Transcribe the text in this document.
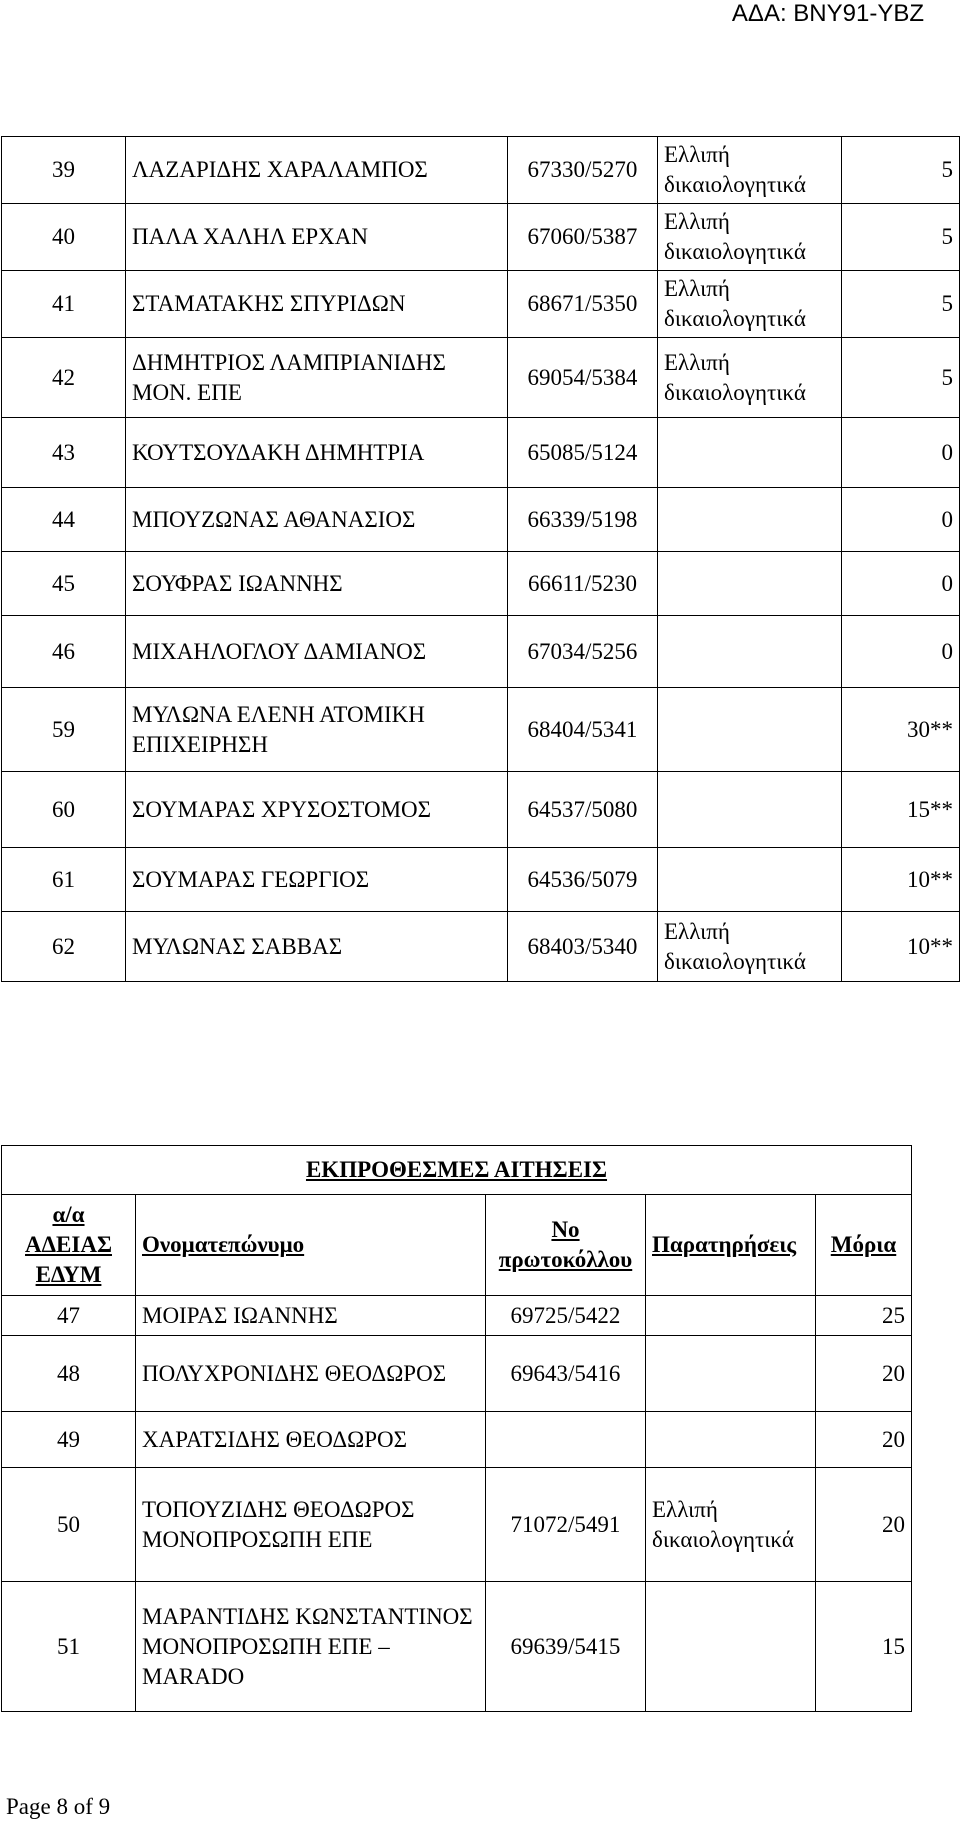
ΑΔΑ: ΒΝΥ91-ΥΒΖ
39	ΛΑΖΑΡΙΔΗΣ ΧΑΡΑΛΑΜΠΟΣ	67330/5270	Ελλιπή δικαιολογητικά	5
40	ΠΑΛΑ ΧΑΛΗΛ ΕΡΧΑΝ	67060/5387	Ελλιπή δικαιολογητικά	5
41	ΣΤΑΜΑΤΑΚΗΣ ΣΠΥΡΙΔΩΝ	68671/5350	Ελλιπή δικαιολογητικά	5
42	ΔΗΜΗΤΡΙΟΣ ΛΑΜΠΡΙΑΝΙΔΗΣ ΜΟΝ. ΕΠΕ	69054/5384	Ελλιπή δικαιολογητικά	5
43	ΚΟΥΤΣΟΥΔΑΚΗ ΔΗΜΗΤΡΙΑ	65085/5124		0
44	ΜΠΟΥΖΩΝΑΣ ΑΘΑΝΑΣΙΟΣ	66339/5198		0
45	ΣΟΥΦΡΑΣ ΙΩΑΝΝΗΣ	66611/5230		0
46	ΜΙΧΑΗΛΟΓΛΟΥ ΔΑΜΙΑΝΟΣ	67034/5256		0
59	ΜΥΛΩΝΑ ΕΛΕΝΗ ΑΤΟΜΙΚΗ ΕΠΙΧΕΙΡΗΣΗ	68404/5341		30**
60	ΣΟΥΜΑΡΑΣ ΧΡΥΣΟΣΤΟΜΟΣ	64537/5080		15**
61	ΣΟΥΜΑΡΑΣ ΓΕΩΡΓΙΟΣ	64536/5079		10**
62	ΜΥΛΩΝΑΣ ΣΑΒΒΑΣ	68403/5340	Ελλιπή δικαιολογητικά	10**
ΕΚΠΡΟΘΕΣΜΕΣ ΑΙΤΗΣΕΙΣ				
α/α ΑΔΕΙΑΣ ΕΔΥΜ	Ονοματεπώνυμο	Νο πρωτοκόλλου	Παρατηρήσεις	Μόρια
47	ΜΟΙΡΑΣ ΙΩΑΝΝΗΣ	69725/5422		25
48	ΠΟΛΥΧΡΟΝΙΔΗΣ ΘΕΟΔΩΡΟΣ	69643/5416		20
49	ΧΑΡΑΤΣΙΔΗΣ ΘΕΟΔΩΡΟΣ			20
50	ΤΟΠΟΥΖΙΔΗΣ ΘΕΟΔΩΡΟΣ ΜΟΝΟΠΡΟΣΩΠΗ ΕΠΕ	71072/5491	Ελλιπή δικαιολογητικά	20
51	ΜΑΡΑΝΤΙΔΗΣ ΚΩΝΣΤΑΝΤΙΝΟΣ ΜΟΝΟΠΡΟΣΩΠΗ ΕΠΕ – MARADO	69639/5415		15
Page 8 of 9
